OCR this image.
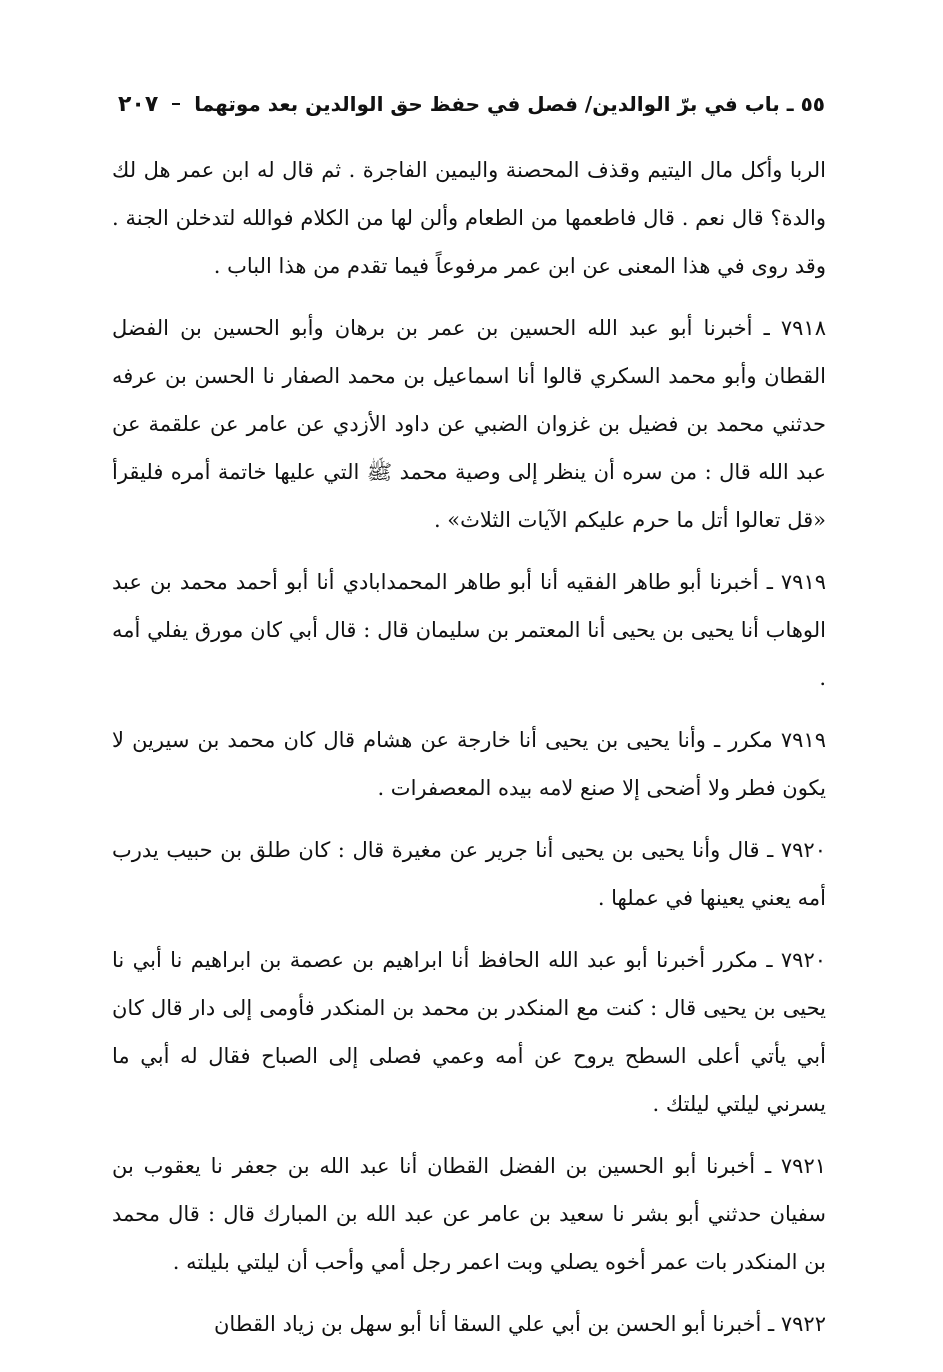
٥٥ ـ باب في برّ الوالدين/ فصل في حفظ حق الوالدين بعد موتهما
٢٠٧

الربا وأكل مال اليتيم وقذف المحصنة واليمين الفاجرة . ثم قال له ابن عمر هل لك والدة؟ قال نعم . قال فاطعمها من الطعام وألن لها من الكلام فوالله لتدخلن الجنة . وقد روى في هذا المعنى عن ابن عمر مرفوعاً فيما تقدم من هذا الباب .

٧٩١٨ ـ أخبرنا أبو عبد الله الحسين بن عمر بن برهان وأبو الحسين بن الفضل القطان وأبو محمد السكري قالوا أنا اسماعيل بن محمد الصفار نا الحسن بن عرفه حدثني محمد بن فضيل بن غزوان الضبي عن داود الأزدي عن عامر عن علقمة عن عبد الله قال : من سره أن ينظر إلى وصية محمد ﷺ التي عليها خاتمة أمره فليقرأ «قل تعالوا أتل ما حرم عليكم الآيات الثلاث» .

٧٩١٩ ـ أخبرنا أبو طاهر الفقيه أنا أبو طاهر المحمدابادي أنا أبو أحمد محمد بن عبد الوهاب أنا يحيى بن يحيى أنا المعتمر بن سليمان قال : قال أبي كان مورق يفلي أمه .

٧٩١٩ مكرر ـ وأنا يحيى بن يحيى أنا خارجة عن هشام قال كان محمد بن سيرين لا يكون فطر ولا أضحى إلا صنع لامه بيده المعصفرات .

٧٩٢٠ ـ قال وأنا يحيى بن يحيى أنا جرير عن مغيرة قال : كان طلق بن حبيب يدرب أمه يعني يعينها في عملها .

٧٩٢٠ ـ مكرر أخبرنا أبو عبد الله الحافظ أنا ابراهيم بن عصمة بن ابراهيم نا أبي نا يحيى بن يحيى قال : كنت مع المنكدر بن محمد بن المنكدر فأومى إلى دار قال كان أبي يأتي أعلى السطح يروح عن أمه وعمي فصلى إلى الصباح فقال له أبي ما يسرني ليلتي ليلتك .

٧٩٢١ ـ أخبرنا أبو الحسين بن الفضل القطان أنا عبد الله بن جعفر نا يعقوب بن سفيان حدثني أبو بشر نا سعيد بن عامر عن عبد الله بن المبارك قال : قال محمد بن المنكدر بات عمر أخوه يصلي وبت اعمر رجل أمي وأحب أن ليلتي بليلته .

٧٩٢٢ ـ أخبرنا أبو الحسن بن أبي علي السقا أنا أبو سهل بن زياد القطان
